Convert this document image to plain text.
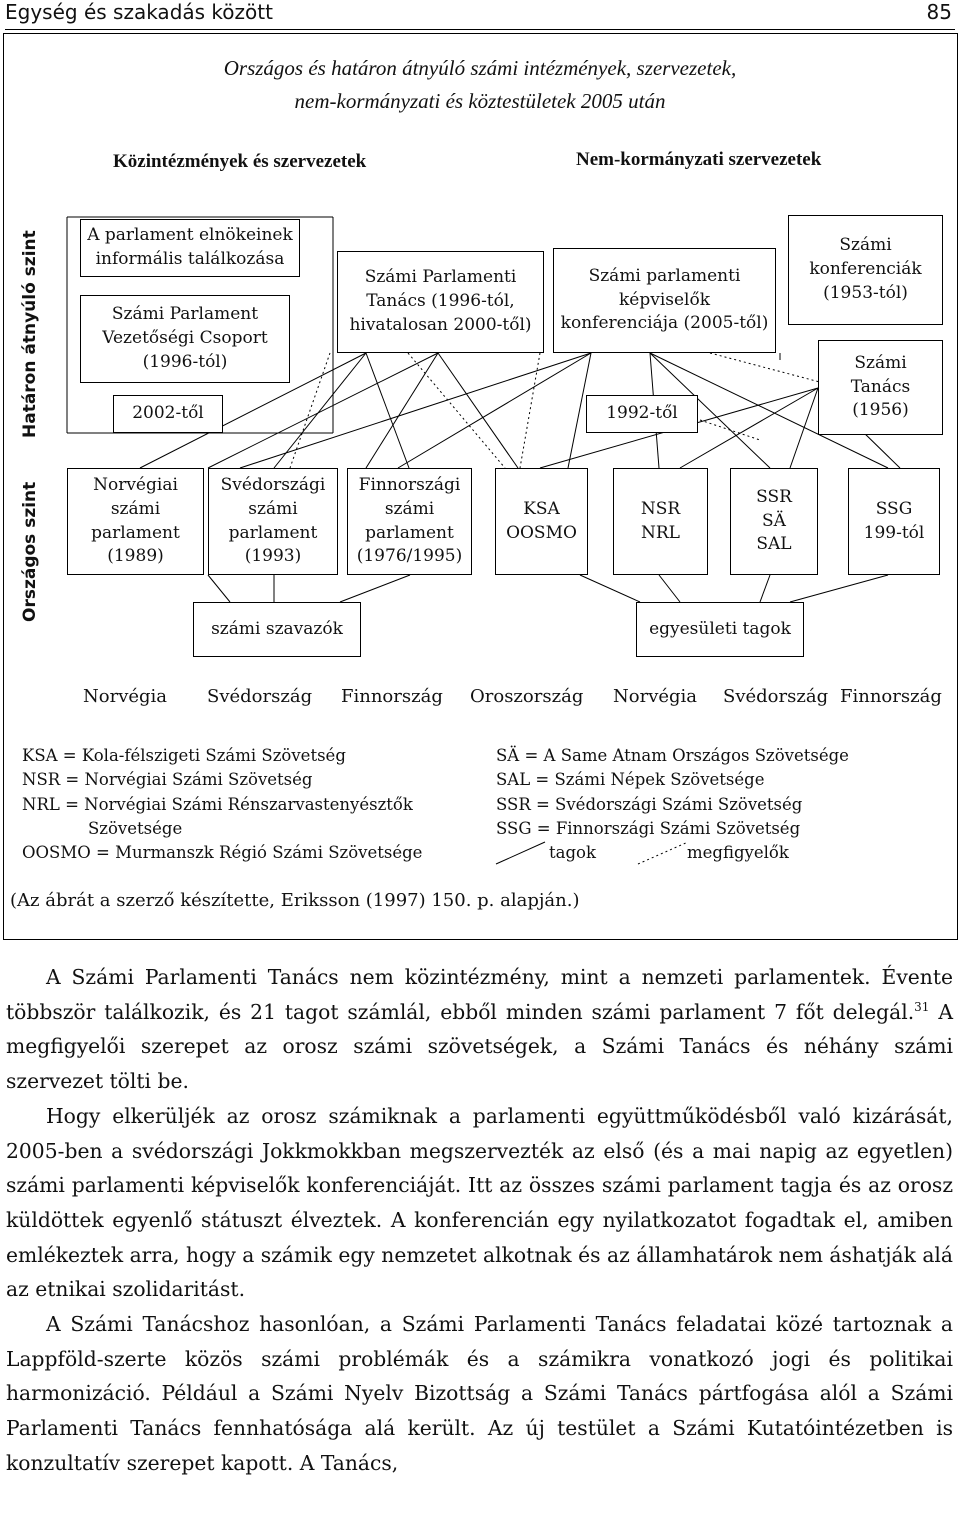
Egység és szakadás között	85
Országos és határon átnyúló számi intézmények, szervezetek,
nem-kormányzati és köztestületek 2005 után
Közintézmények és szervezetek	Nem-kormányzati szervezetek
Határon átnyúló szint
Országos szint
A parlament elnökeinek
informális találkozása
Számi Parlament
Vezetőségi Csoport
(1996-tól)
2002-től
Számi Parlamenti
Tanács (1996-tól,
hivatalosan 2000-től)
Számi parlamenti
képviselők
konferenciája (2005-től)
1992-től
Számi
konferenciák
(1953-tól)
Számi
Tanács
(1956)
Norvégiai
számi
parlament
(1989)
Svédországi
számi
parlament
(1993)
Finnországi
számi
parlament
(1976/1995)
KSA
OOSMO
NSR
NRL
SSR
SÄ
SAL
SSG
199-tól
számi szavazók	egyesületi tagok
Norvégia Svédország Finnország Oroszország Norvégia Svédország Finnország
KSA = Kola-félszigeti Számi Szövetség
NSR = Norvégiai Számi Szövetség
NRL = Norvégiai Számi Rénszarvastenyésztők
Szövetsége
OOSMO = Murmanszk Régió Számi Szövetsége
SÄ = A Same Atnam Országos Szövetsége
SAL = Számi Népek Szövetsége
SSR = Svédországi Számi Szövetség
SSG = Finnországi Számi Szövetség
tagok	megfigyelők
(Az ábrát a szerző készítette, Eriksson (1997) 150. p. alapján.)

A Számi Parlamenti Tanács nem közintézmény, mint a nemzeti parlamentek. Évente többször találkozik, és 21 tagot számlál, ebből minden számi parlament 7 főt delegál.$^{31}$ A megfigyelői szerepet az orosz számi szövetségek, a Számi Tanács és néhány számi szervezet tölti be.

Hogy elkerüljék az orosz számiknak a parlamenti együttműködésből való kizárását, 2005-ben a svédországi Jokkmokkban megszervezték az első (és a mai napig az egyetlen) számi parlamenti képviselők konferenciáját. Itt az összes számi parlament tagja és az orosz küldöttek egyenlő státuszt élveztek. A konferencián egy nyilatkozatot fogadtak el, amiben emlékeztek arra, hogy a számik egy nemzetet alkotnak és az államhatárok nem áshatják alá az etnikai szolidaritást.

A Számi Tanácshoz hasonlóan, a Számi Parlamenti Tanács feladatai közé tartoznak a Lappföld-szerte közös számi problémák és a számikra vonatkozó jogi és politikai harmonizáció. Például a Számi Nyelv Bizottság a Számi Tanács pártfogása alól a Számi Parlamenti Tanács fennhatósága alá került. Az új testület a Számi Kutatóintézetben is konzultatív szerepet kapott. A Tanács,
